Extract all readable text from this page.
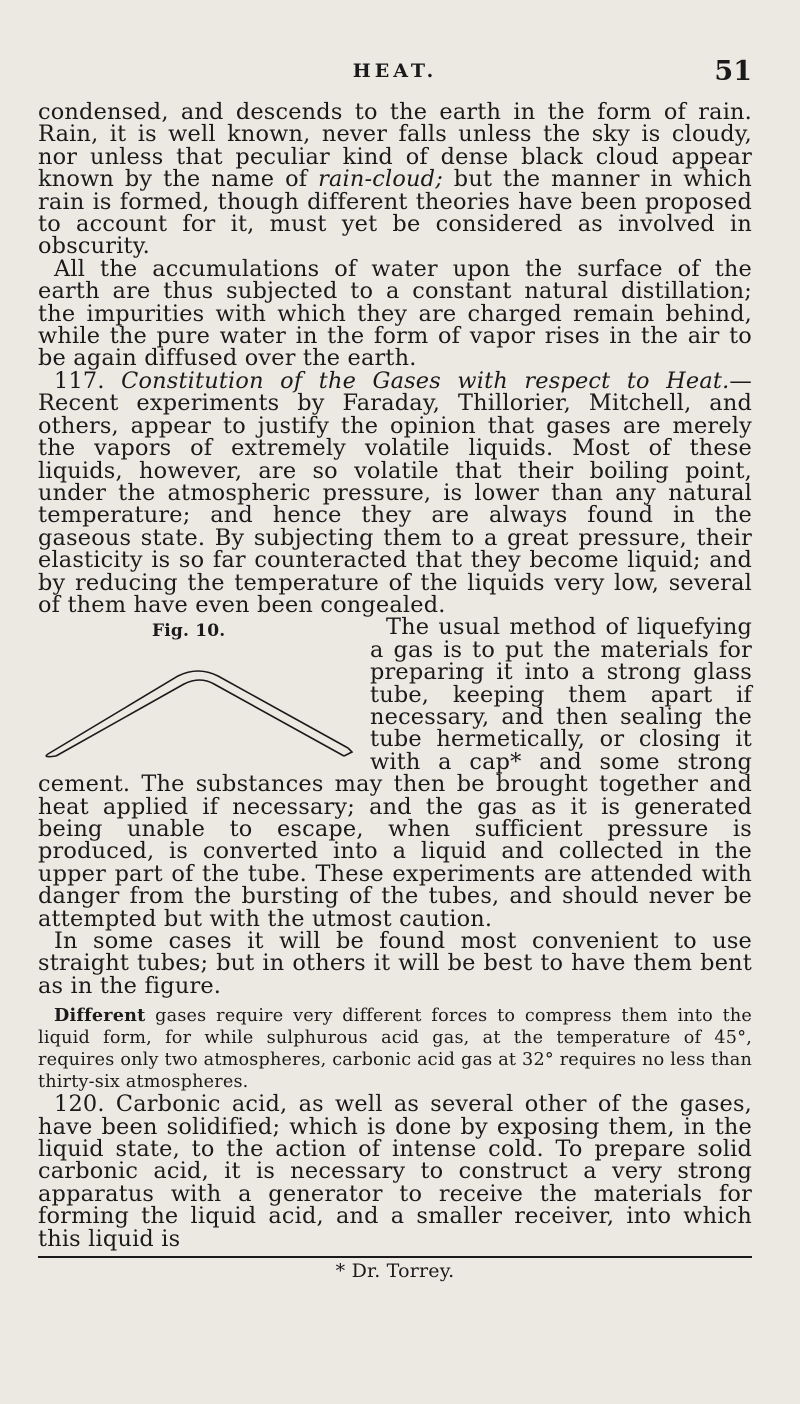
HEAT.	51

condensed, and descends to the earth in the form of rain. Rain, it is well known, never falls unless the sky is cloudy, nor unless that peculiar kind of dense black cloud appear known by the name of rain-cloud; but the manner in which rain is formed, though different theories have been proposed to account for it, must yet be considered as involved in obscurity.

All the accumulations of water upon the surface of the earth are thus subjected to a constant natural distillation; the impurities with which they are charged remain behind, while the pure water in the form of vapor rises in the air to be again diffused over the earth.

117. Constitution of the Gases with respect to Heat.—Recent experiments by Faraday, Thillorier, Mitchell, and others, appear to justify the opinion that gases are merely the vapors of extremely volatile liquids. Most of these liquids, however, are so volatile that their boiling point, under the atmospheric pressure, is lower than any natural temperature; and hence they are always found in the gaseous state. By subjecting them to a great pressure, their elasticity is so far counteracted that they become liquid; and by reducing the temperature of the liquids very low, several of them have even been congealed.

Fig. 10.	The usual method of liquefying a gas is to put the materials for preparing it into a strong glass tube, keeping them apart if necessary, and then sealing the tube hermetically, or closing it with a cap* and some strong cement. The substances may then be brought together and heat applied if necessary; and the gas as it is generated being unable to escape, when sufficient pressure is produced, is converted into a liquid and collected in the upper part of the tube. These experiments are attended with danger from the bursting of the tubes, and should never be attempted but with the utmost caution.

In some cases it will be found most convenient to use straight tubes; but in others it will be best to have them bent as in the figure.

Different gases require very different forces to compress them into the liquid form, for while sulphurous acid gas, at the temperature of 45°, requires only two atmospheres, carbonic acid gas at 32° requires no less than thirty-six atmospheres.

120. Carbonic acid, as well as several other of the gases, have been solidified; which is done by exposing them, in the liquid state, to the action of intense cold. To prepare solid carbonic acid, it is necessary to construct a very strong apparatus with a generator to receive the materials for forming the liquid acid, and a smaller receiver, into which this liquid is

* Dr. Torrey.
